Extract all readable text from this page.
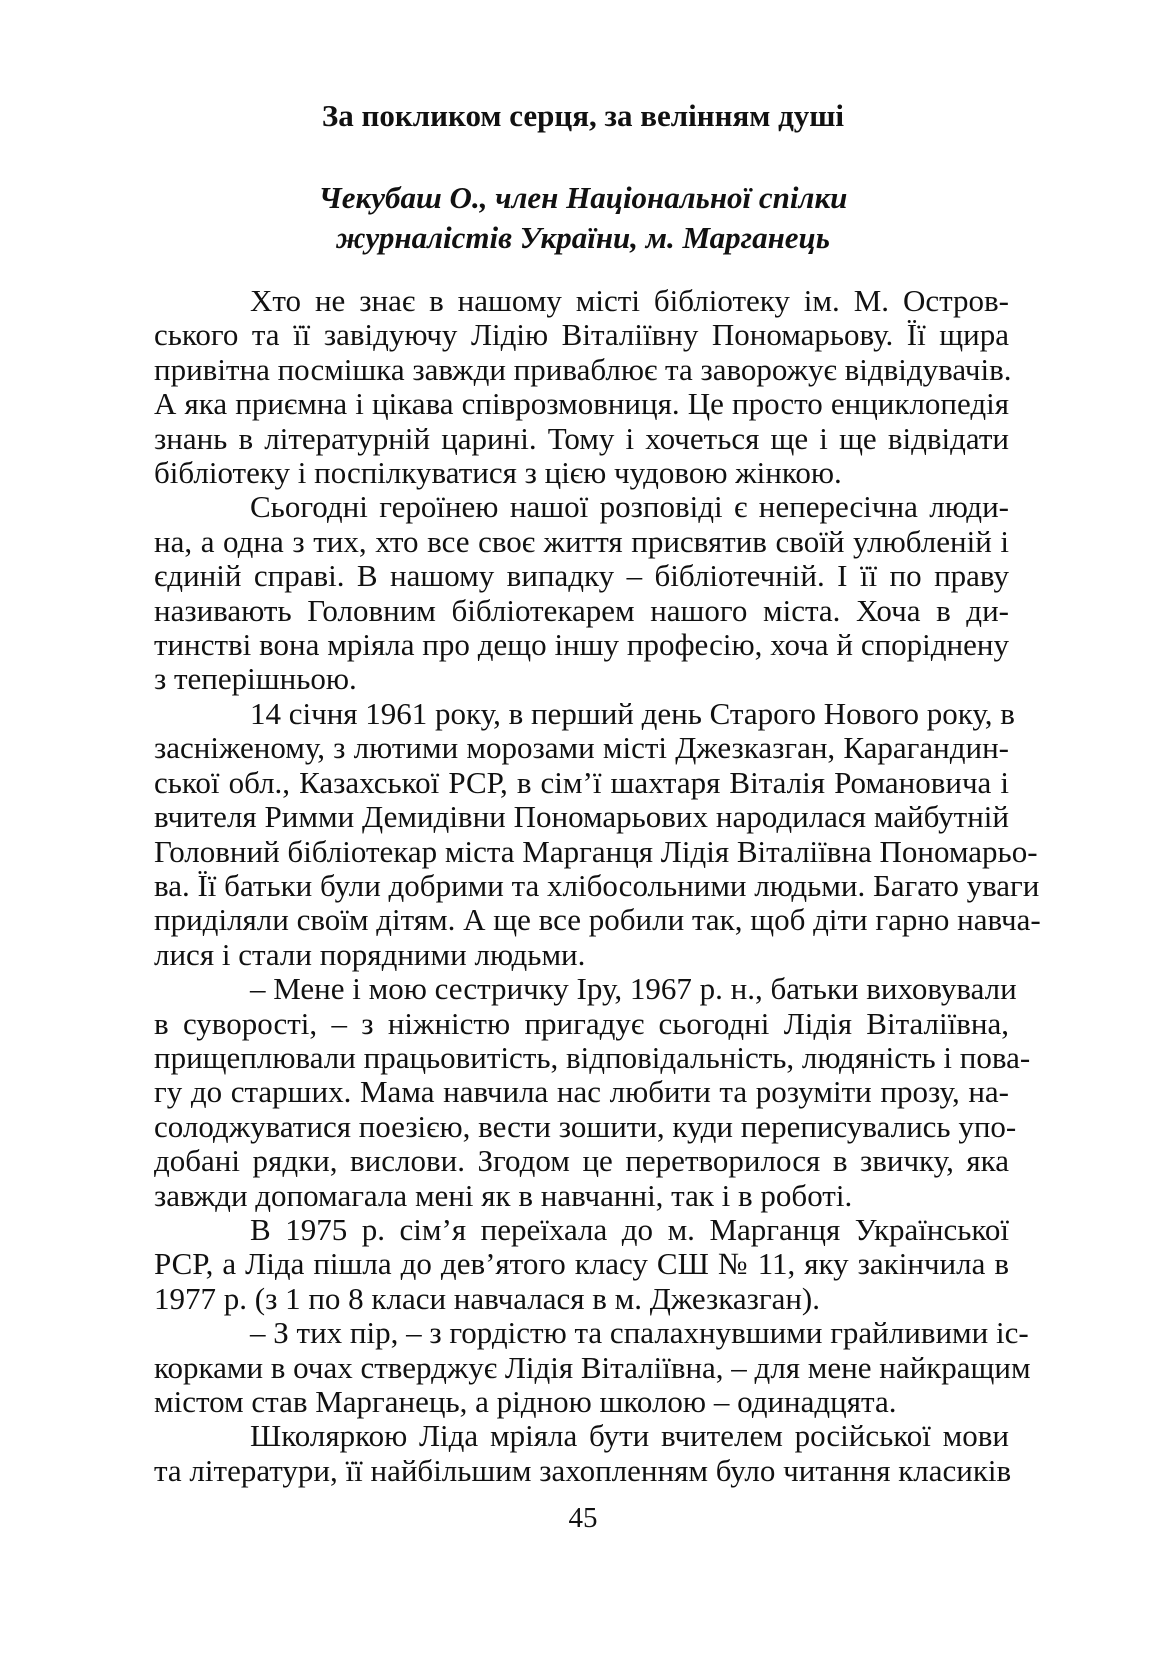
За покликом серця, за велінням душі
Чекубаш О., член Національної спілки
журналістів України, м. Марганець
Хто не знає в нашому місті бібліотеку ім. М. Остров-
ського та її завідуючу Лідію Віталіївну Пономарьову. Її щира
привітна посмішка завжди приваблює та заворожує відвідувачів.
А яка приємна і цікава співрозмовниця. Це просто енциклопедія
знань в літературній царині. Тому і хочеться ще і ще відвідати
бібліотеку і поспілкуватися з цією чудовою жінкою.
Сьогодні героїнею нашої розповіді є непересічна люди-
на, а одна з тих, хто все своє життя присвятив своїй улюбленій і
єдиній справі. В нашому випадку – бібліотечній. І її по праву
називають Головним бібліотекарем нашого міста. Хоча в ди-
тинстві вона мріяла про дещо іншу професію, хоча й споріднену
з теперішньою.
14 січня 1961 року, в перший день Старого Нового року, в
засніженому, з лютими морозами місті Джезказган, Карагандин-
ської обл., Казахської РСР, в сім’ї шахтаря Віталія Романовича і
вчителя Римми Демидівни Пономарьових народилася майбутній
Головний бібліотекар міста Марганця Лідія Віталіївна Пономарьо-
ва. Її батьки були добрими та хлібосольними людьми. Багато уваги
приділяли своїм дітям. А ще все робили так, щоб діти гарно навча-
лися і стали порядними людьми.
– Мене і мою сестричку Іру, 1967 р. н., батьки виховували
в суворості, – з ніжністю пригадує сьогодні Лідія Віталіївна,
прищеплювали працьовитість, відповідальність, людяність і пова-
гу до старших. Мама навчила нас любити та розуміти прозу, на-
солоджуватися поезією, вести зошити, куди переписувались упо-
добані рядки, вислови. Згодом це перетворилося в звичку, яка
завжди допомагала мені як в навчанні, так і в роботі.
В 1975 р. сім’я переїхала до м. Марганця Української
РСР, а Ліда пішла до дев’ятого класу СШ № 11, яку закінчила в
1977 р. (з 1 по 8 класи навчалася в м. Джезказган).
– З тих пір, – з гордістю та спалахнувшими грайливими іс-
корками в очах стверджує Лідія Віталіївна, – для мене найкращим
містом став Марганець, а рідною школою – одинадцята.
Школяркою Ліда мріяла бути вчителем російської мови
та літератури, її найбільшим захопленням було читання класиків
45
